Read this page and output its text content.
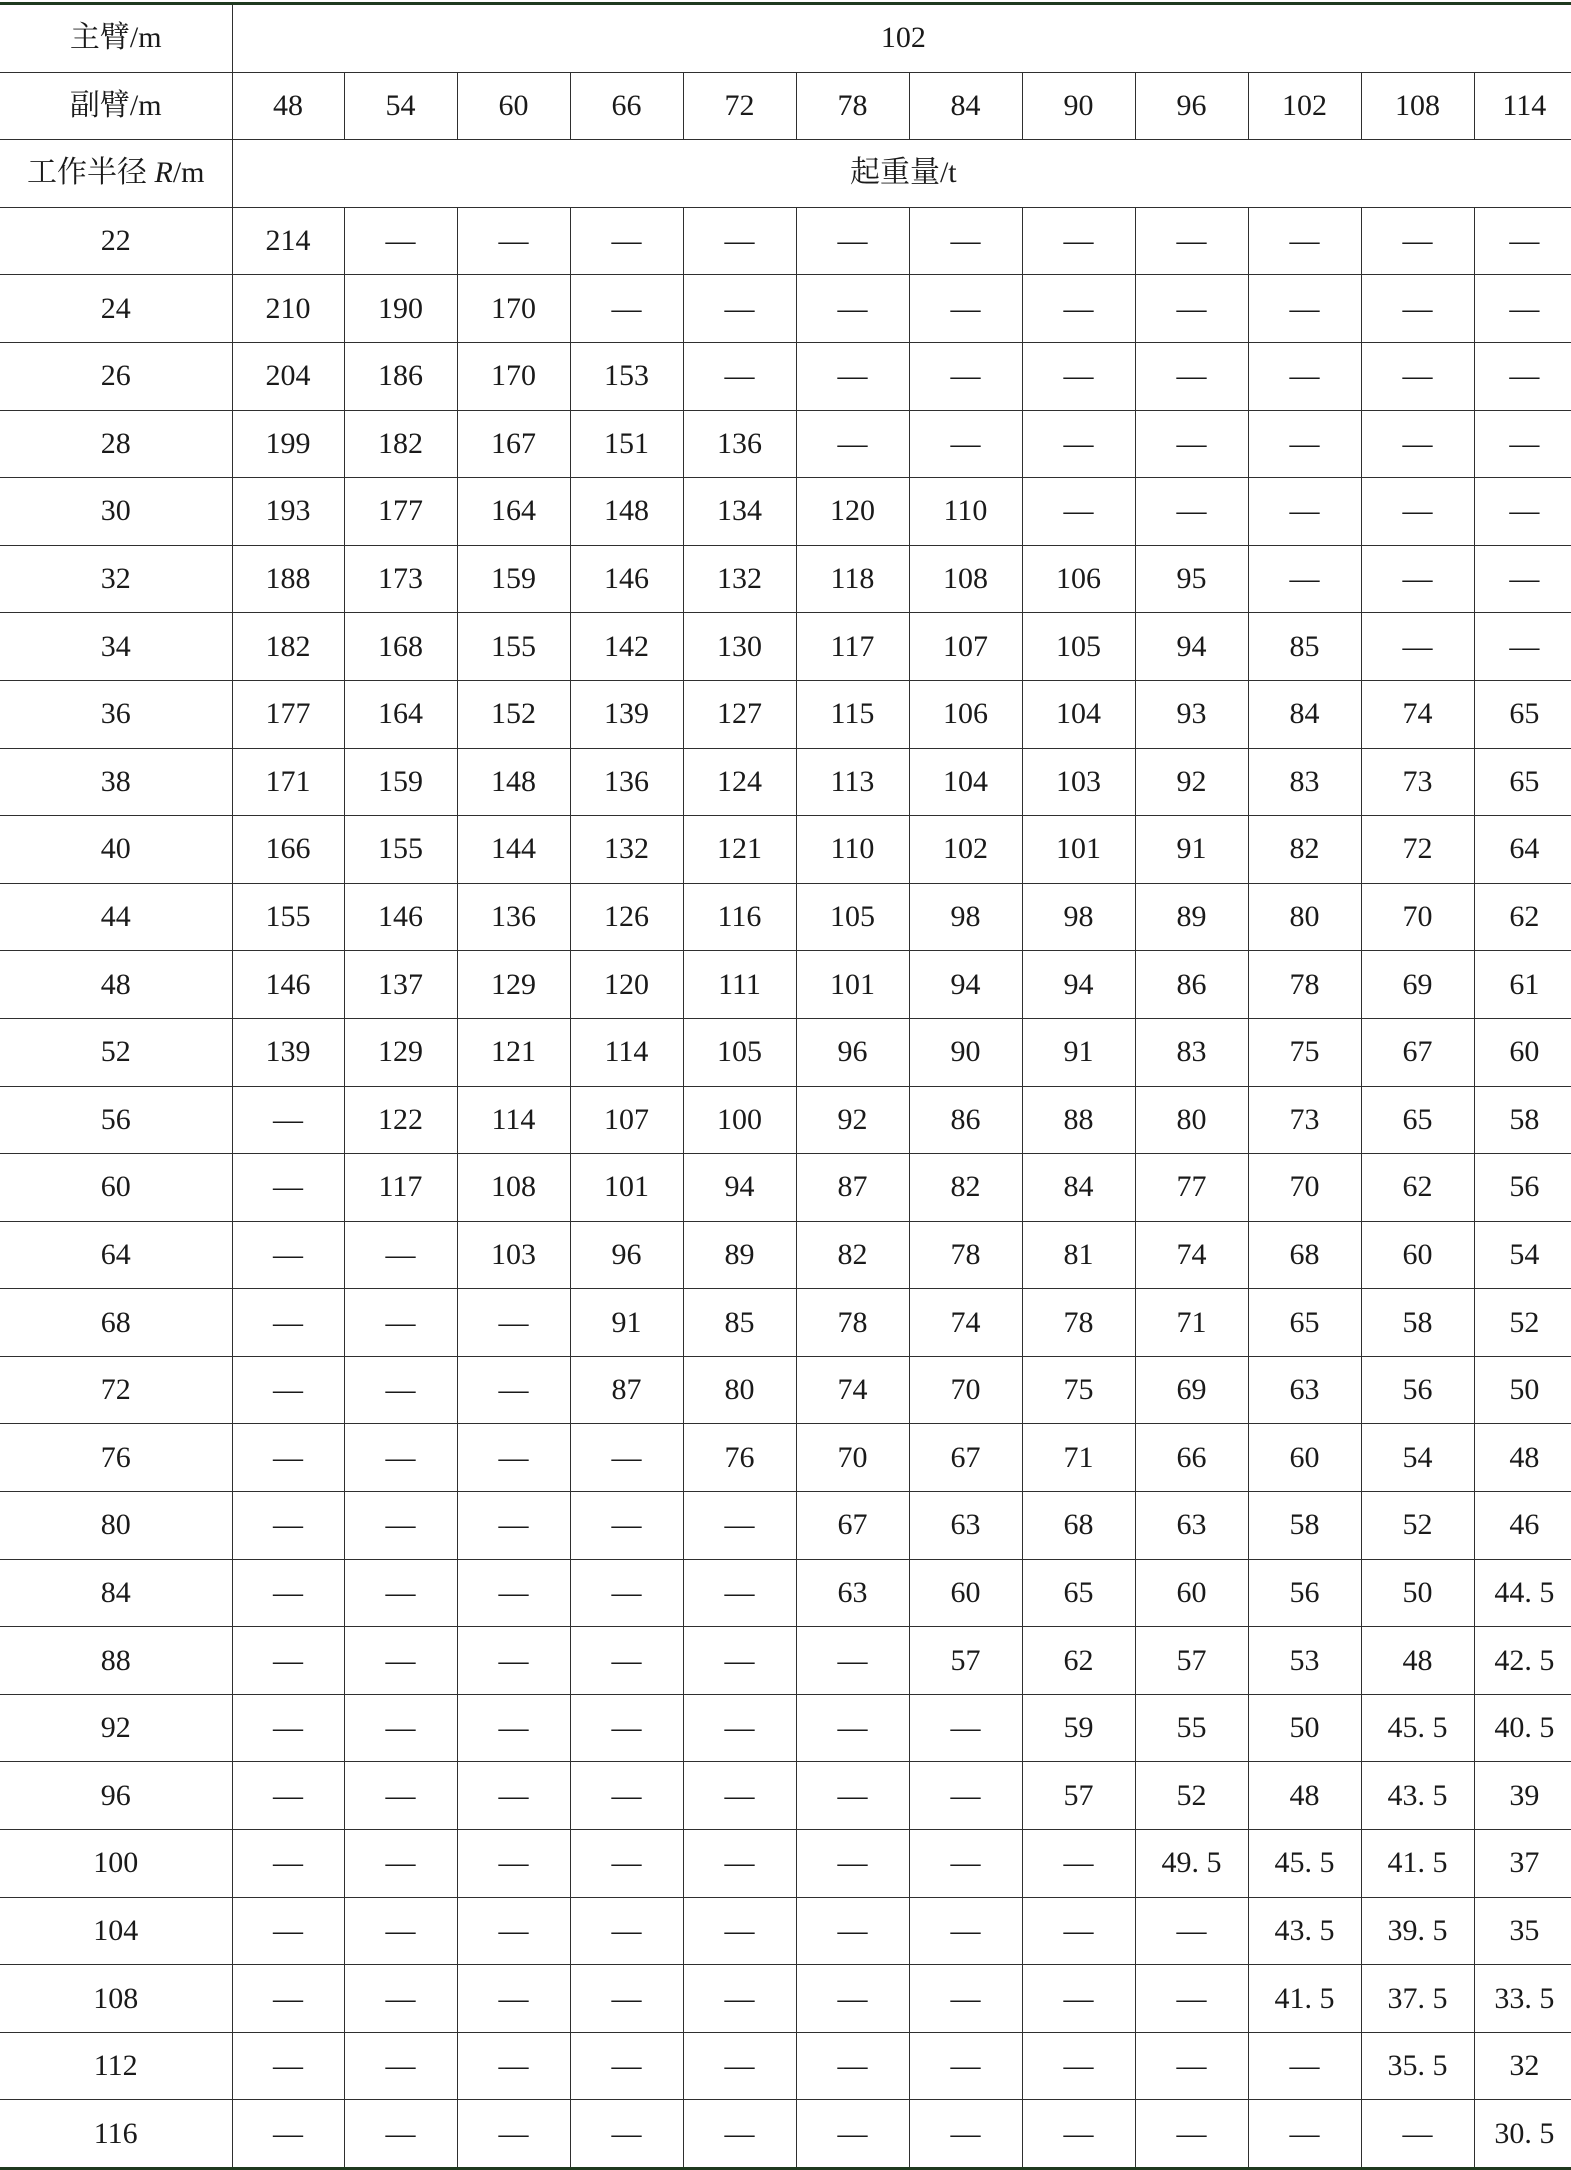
主臂/m	102											
副臂/m	48	54	60	66	72	78	84	90	96	102	108	114
工作半径 R/m	起重量/t											
22	214	—	—	—	—	—	—	—	—	—	—	—
24	210	190	170	—	—	—	—	—	—	—	—	—
26	204	186	170	153	—	—	—	—	—	—	—	—
28	199	182	167	151	136	—	—	—	—	—	—	—
30	193	177	164	148	134	120	110	—	—	—	—	—
32	188	173	159	146	132	118	108	106	95	—	—	—
34	182	168	155	142	130	117	107	105	94	85	—	—
36	177	164	152	139	127	115	106	104	93	84	74	65
38	171	159	148	136	124	113	104	103	92	83	73	65
40	166	155	144	132	121	110	102	101	91	82	72	64
44	155	146	136	126	116	105	98	98	89	80	70	62
48	146	137	129	120	111	101	94	94	86	78	69	61
52	139	129	121	114	105	96	90	91	83	75	67	60
56	—	122	114	107	100	92	86	88	80	73	65	58
60	—	117	108	101	94	87	82	84	77	70	62	56
64	—	—	103	96	89	82	78	81	74	68	60	54
68	—	—	—	91	85	78	74	78	71	65	58	52
72	—	—	—	87	80	74	70	75	69	63	56	50
76	—	—	—	—	76	70	67	71	66	60	54	48
80	—	—	—	—	—	67	63	68	63	58	52	46
84	—	—	—	—	—	63	60	65	60	56	50	44. 5
88	—	—	—	—	—	—	57	62	57	53	48	42. 5
92	—	—	—	—	—	—	—	59	55	50	45. 5	40. 5
96	—	—	—	—	—	—	—	57	52	48	43. 5	39
100	—	—	—	—	—	—	—	—	49. 5	45. 5	41. 5	37
104	—	—	—	—	—	—	—	—	—	43. 5	39. 5	35
108	—	—	—	—	—	—	—	—	—	41. 5	37. 5	33. 5
112	—	—	—	—	—	—	—	—	—	—	35. 5	32
116	—	—	—	—	—	—	—	—	—	—	—	30. 5
